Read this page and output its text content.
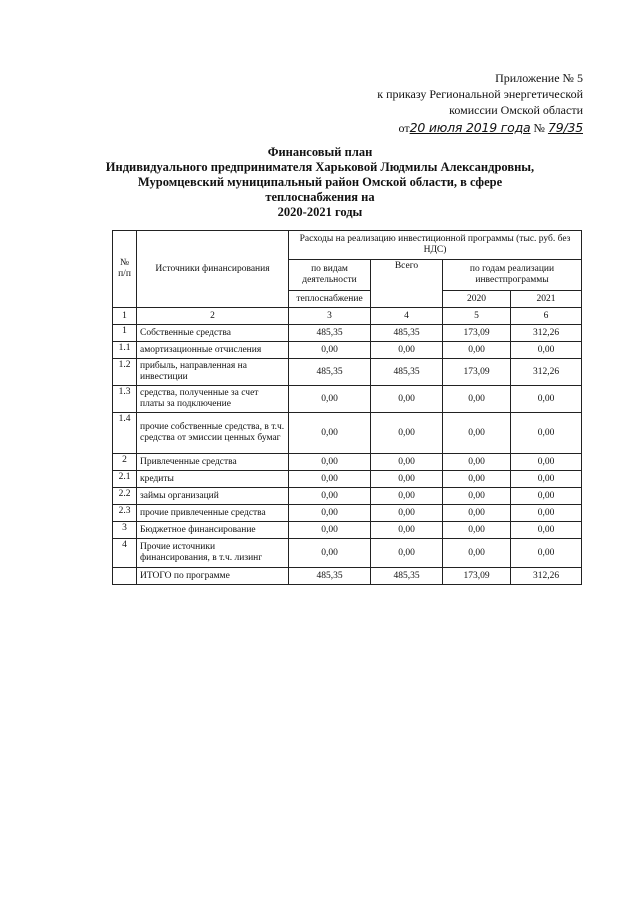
Приложение № 5
к приказу Региональной энергетической
комиссии Омской области
от20 июля 2019 года № 79/35
Финансовый план
Индивидуального предпринимателя Харьковой Людмилы Александровны,
Муромцевский муниципальный район Омской области, в сфере теплоснабжения на
2020-2021 годы
№ п/п	Источники финансирования	Расходы на реализацию инвестиционной программы (тыс. руб. без НДС)			
		по видам деятельности	Всего	по годам реализации инвестпрограммы	
		теплоснабжение		2020	2021
1	2	3	4	5	6
1	Собственные средства	485,35	485,35	173,09	312,26
1.1	амортизационные отчисления	0,00	0,00	0,00	0,00
1.2	прибыль, направленная на инвестиции	485,35	485,35	173,09	312,26
1.3	средства, полученные за счет платы за подключение	0,00	0,00	0,00	0,00
1.4	прочие собственные средства, в т.ч. средства от эмиссии ценных бумаг	0,00	0,00	0,00	0,00
2	Привлеченные средства	0,00	0,00	0,00	0,00
2.1	кредиты	0,00	0,00	0,00	0,00
2.2	займы организаций	0,00	0,00	0,00	0,00
2.3	прочие привлеченные средства	0,00	0,00	0,00	0,00
3	Бюджетное финансирование	0,00	0,00	0,00	0,00
4	Прочие источники финансирования, в т.ч. лизинг	0,00	0,00	0,00	0,00
	ИТОГО по программе	485,35	485,35	173,09	312,26
